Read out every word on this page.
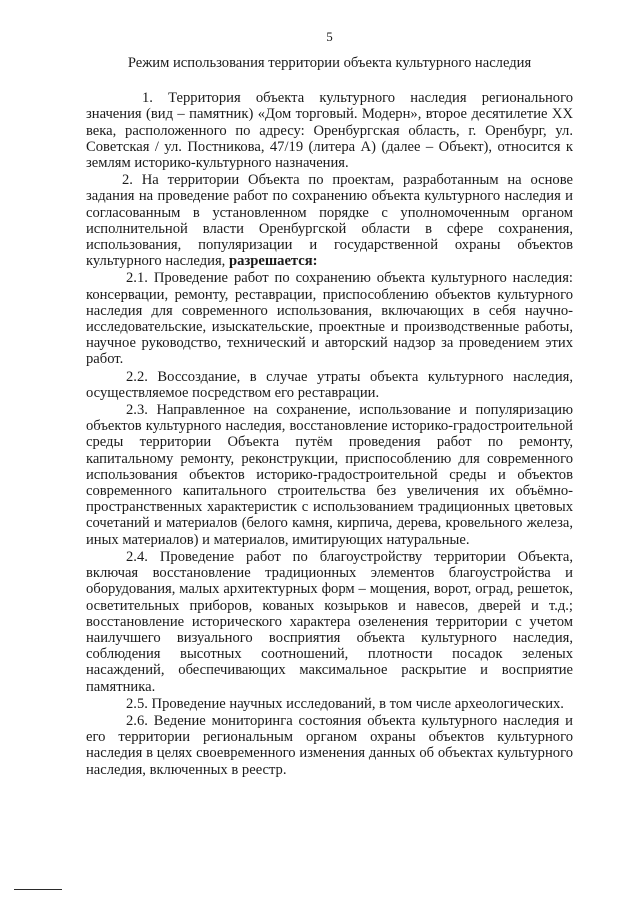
5
Режим использования территории объекта культурного наследия

1. Территория объекта культурного наследия регионального значения (вид – памятник) «Дом торговый. Модерн», второе десятилетие XX века, расположенного по адресу: Оренбургская область, г. Оренбург, ул. Советская / ул. Постникова, 47/19 (литера А) (далее – Объект), относится к землям историко-культурного назначения.

2. На территории Объекта по проектам, разработанным на основе задания на проведение работ по сохранению объекта культурного наследия и согласованным в установленном порядке с уполномоченным органом исполнительной власти Оренбургской области в сфере сохранения, использования, популяризации и государственной охраны объектов культурного наследия, разрешается:

2.1. Проведение работ по сохранению объекта культурного наследия: консервации, ремонту, реставрации, приспособлению объектов культурного наследия для современного использования, включающих в себя научно-исследовательские, изыскательские, проектные и производственные работы, научное руководство, технический и авторский надзор за проведением этих работ.

2.2. Воссоздание, в случае утраты объекта культурного наследия, осуществляемое посредством его реставрации.

2.3. Направленное на сохранение, использование и популяризацию объектов культурного наследия, восстановление историко-градостроительной среды территории Объекта путём проведения работ по ремонту, капитальному ремонту, реконструкции, приспособлению для современного использования объектов историко-градостроительной среды и объектов современного капитального строительства без увеличения их объёмно-пространственных характеристик с использованием традиционных цветовых сочетаний и материалов (белого камня, кирпича, дерева, кровельного железа, иных материалов) и материалов, имитирующих натуральные.

2.4. Проведение работ по благоустройству территории Объекта, включая восстановление традиционных элементов благоустройства и оборудования, малых архитектурных форм – мощения, ворот, оград, решеток, осветительных приборов, кованых козырьков и навесов, дверей и т.д.; восстановление исторического характера озеленения территории с учетом наилучшего визуального восприятия объекта культурного наследия, соблюдения высотных соотношений, плотности посадок зеленых насаждений, обеспечивающих максимальное раскрытие и восприятие памятника.

2.5. Проведение научных исследований, в том числе археологических.

2.6. Ведение мониторинга состояния объекта культурного наследия и его территории региональным органом охраны объектов культурного наследия в целях своевременного изменения данных об объектах культурного наследия, включенных в реестр.
